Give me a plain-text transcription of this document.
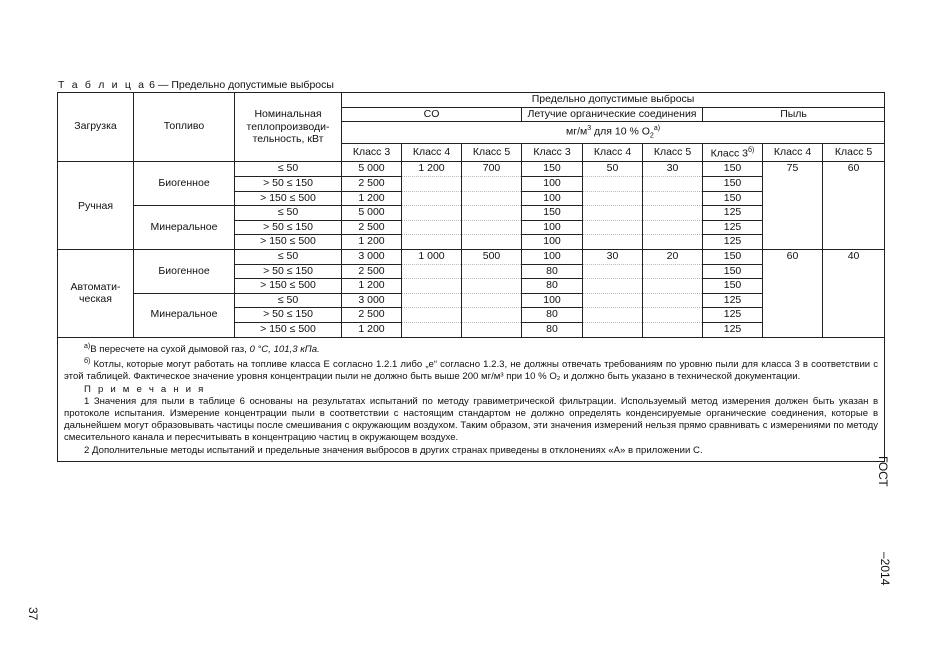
Т а б л и ц а 6 — Предельно допустимые выбросы
Загрузка	Топливо	Номинальная теплопроизводительность, кВт	Предельно допустимые выбросы								
			CO			Летучие органические соединения			Пыль		
			$мг/м^3$ для 10 % $O_2^{а)}$
			Класс 3	Класс 4	Класс 5	Класс 3	Класс 4	Класс 5	Класс $3^{б)}$	Класс 4	Класс 5
Ручная	Биогенное	≤ 50	5 000	1 200	700	150	50	30	150	75	60
		> 50 ≤ 150	2 500			100			150		
		> 150 ≤ 500	1 200			100			150		
	Минеральное	≤ 50	5 000			150			125		
		> 50 ≤ 150	2 500			100			125		
		> 150 ≤ 500	1 200			100			125		
Автоматическая	Биогенное	≤ 50	3 000	1 000	500	100	30	20	150	60	40
		> 50 ≤ 150	2 500			80			150		
		> 150 ≤ 500	1 200			80			150		
	Минеральное	≤ 50	3 000			100			125		
		> 50 ≤ 150	2 500			80			125		
		> 150 ≤ 500	1 200			80			125		

$^{а)}$В пересчете на сухой дымовой газ, 0 °С, 101,3 кПа.

$^{б)}$ Котлы, которые могут работать на топливе класса Е согласно 1.2.1 либо „е“ согласно 1.2.3, не должны отвечать требованиям по уровню пыли для класса 3 в соответствии с этой таблицей. Фактическое значение уровня концентрации пыли не должно быть выше 200 мг/м³ при 10 % O₂ и должно быть указано в технической документации.

П р и м е ч а н и я

1 Значения для пыли в таблице 6 основаны на результатах испытаний по методу гравиметрической фильтрации. Используемый метод измерения должен быть указан в протоколе испытания. Измерение концентрации пыли в соответствии с настоящим стандартом не должно определять конденсируемые органические соединения, которые в дальнейшем могут образовывать частицы после смешивания с окружающим воздухом. Таким образом, эти значения измерений нельзя прямо сравнивать с измерениями по методу смесительного канала и пересчитывать в концентрацию частиц в окружающем воздухе.

2 Дополнительные методы испытаний и предельные значения выбросов в других странах приведены в отклонениях «А» в приложении С.											

ГОСТ
–2014
37
